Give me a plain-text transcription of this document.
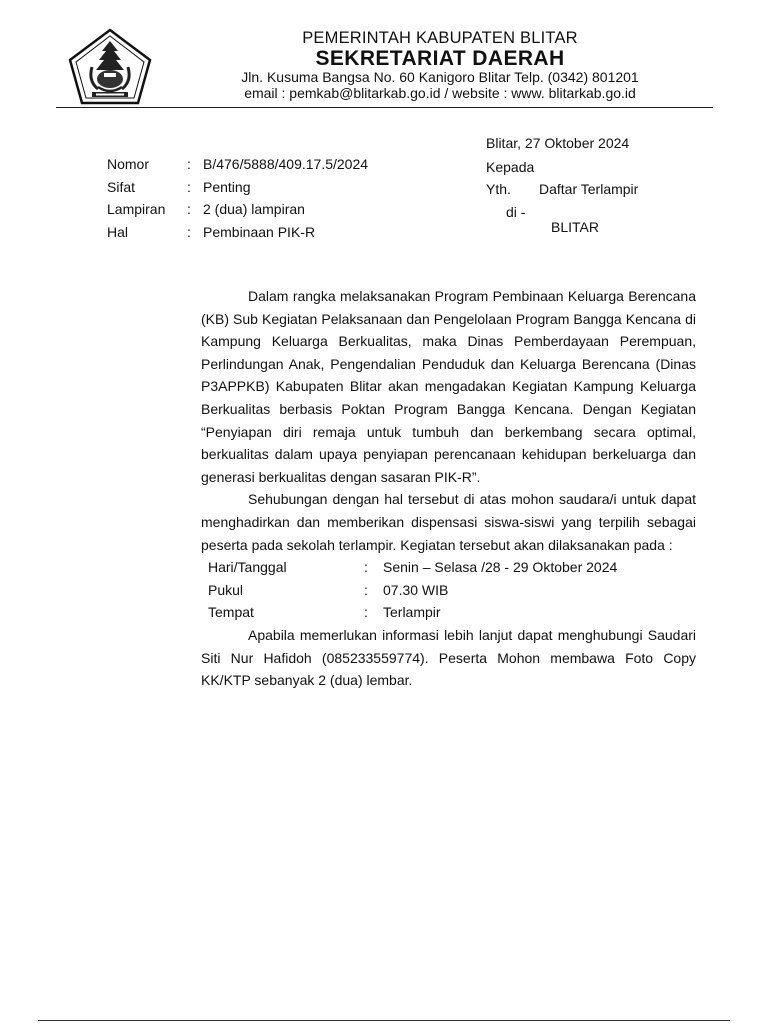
PEMERINTAH KABUPATEN BLITAR
SEKRETARIAT DAERAH
Jln. Kusuma Bangsa No. 60 Kanigoro Blitar Telp. (0342) 801201
email : pemkab@blitarkab.go.id / website : www. blitarkab.go.id
Nomor	: B/476/5888/409.17.5/2024
Sifat	: Penting
Lampiran : 2 (dua) lampiran
Hal	: Pembinaan PIK-R
Blitar, 27 Oktober 2024
Kepada
Yth. Daftar Terlampir
di -
BLITAR

Dalam rangka melaksanakan Program Pembinaan Keluarga Berencana (KB) Sub Kegiatan Pelaksanaan dan Pengelolaan Program Bangga Kencana di Kampung Keluarga Berkualitas, maka Dinas Pemberdayaan Perempuan, Perlindungan Anak, Pengendalian Penduduk dan Keluarga Berencana (Dinas P3APPKB) Kabupaten Blitar akan mengadakan Kegiatan Kampung Keluarga Berkualitas berbasis Poktan Program Bangga Kencana. Dengan Kegiatan “Penyiapan diri remaja untuk tumbuh dan berkembang secara optimal, berkualitas dalam upaya penyiapan perencanaan kehidupan berkeluarga dan generasi berkualitas dengan sasaran PIK-R”.

Sehubungan dengan hal tersebut di atas mohon saudara/i untuk dapat menghadirkan dan memberikan dispensasi siswa-siswi yang terpilih sebagai peserta pada sekolah terlampir. Kegiatan tersebut akan dilaksanakan pada :

Hari/Tanggal	: Senin – Selasa /28 - 29 Oktober 2024
Pukul	: 07.30 WIB
Tempat	: Terlampir

Apabila memerlukan informasi lebih lanjut dapat menghubungi Saudari Siti Nur Hafidoh (085233559774). Peserta Mohon membawa Foto Copy KK/KTP sebanyak 2 (dua) lembar.
